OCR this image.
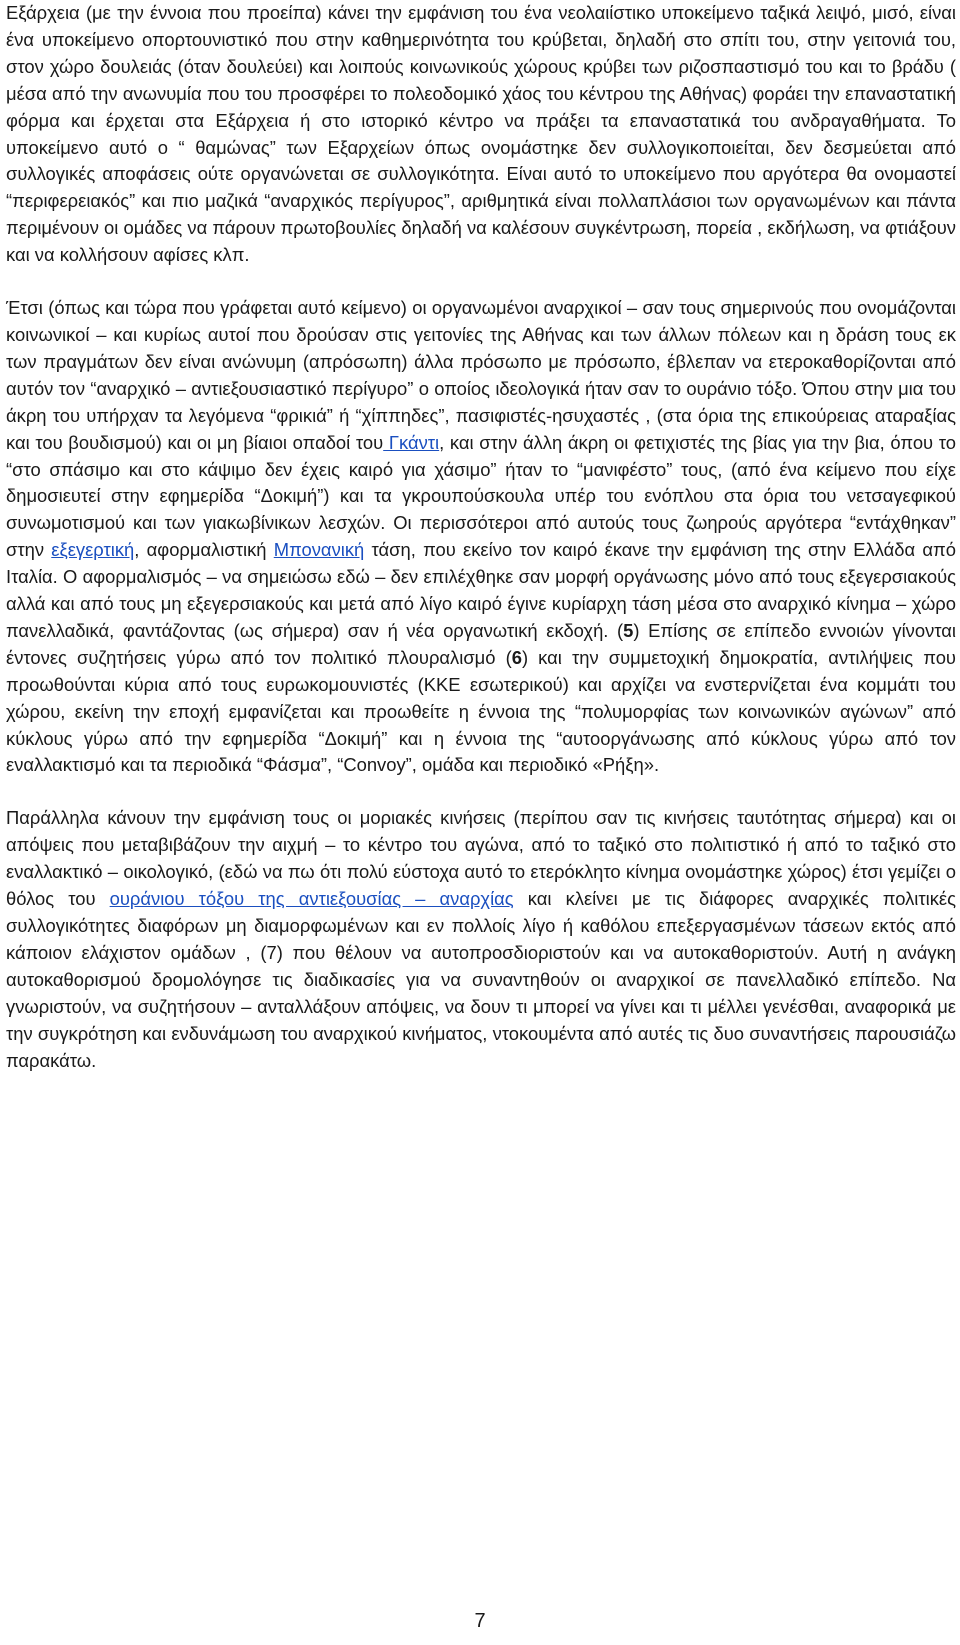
Εξάρχεια (με την έννοια που προείπα) κάνει την εμφάνιση του ένα νεολαιίστικο υποκείμενο ταξικά λειψό, μισό, είναι ένα υποκείμενο οπορτουνιστικό που στην καθημερινότητα του κρύβεται, δηλαδή στο σπίτι του, στην γειτονιά του, στον χώρο δουλειάς (όταν δουλεύει) και λοιπούς κοινωνικούς χώρους κρύβει των ριζοσπαστισμό του και το βράδυ ( μέσα από την ανωνυμία που του προσφέρει το πολεοδομικό χάος του κέντρου της Αθήνας) φοράει την επαναστατική φόρμα και έρχεται στα Εξάρχεια ή στο ιστορικό κέντρο να πράξει τα επαναστατικά του ανδραγαθήματα. Το υποκείμενο αυτό ο “ θαμώνας” των Εξαρχείων όπως ονομάστηκε δεν συλλογικοποιείται, δεν δεσμεύεται από συλλογικές αποφάσεις ούτε οργανώνεται σε συλλογικότητα. Είναι αυτό το υποκείμενο που αργότερα θα ονομαστεί “περιφερειακός” και πιο μαζικά “αναρχικός περίγυρος”, αριθμητικά είναι πολλαπλάσιοι των οργανωμένων και πάντα περιμένουν οι ομάδες να πάρουν πρωτοβουλίες δηλαδή να καλέσουν συγκέντρωση, πορεία , εκδήλωση, να φτιάξουν και να κολλήσουν αφίσες κλπ.

Έτσι (όπως και τώρα που γράφεται αυτό κείμενο) οι οργανωμένοι αναρχικοί – σαν τους σημερινούς που ονομάζονται κοινωνικοί – και κυρίως αυτοί που δρούσαν στις γειτονίες της Αθήνας και των άλλων πόλεων και η δράση τους εκ των πραγμάτων δεν είναι ανώνυμη (απρόσωπη) άλλα πρόσωπο με πρόσωπο, έβλεπαν να ετεροκαθορίζονται από αυτόν τον “αναρχικό – αντιεξουσιαστικό περίγυρο” ο οποίος ιδεολογικά ήταν σαν το ουράνιο τόξο. Όπου στην μια του άκρη του υπήρχαν τα λεγόμενα “φρικιά” ή “χίππηδες”, πασιφιστές-ησυχαστές , (στα όρια της επικούρειας αταραξίας και του βουδισμού) και οι μη βίαιοι οπαδοί του Γκάντι, και στην άλλη άκρη οι φετιχιστές της βίας για την βια, όπου το “στο σπάσιμο και στο κάψιμο δεν έχεις καιρό για χάσιμο” ήταν το “μανιφέστο” τους, (από ένα κείμενο που είχε δημοσιευτεί στην εφημερίδα “Δοκιμή”) και τα γκρουπούσκουλα υπέρ του ενόπλου στα όρια του νετσαγεφικού συνωμοτισμού και των γιακωβίνικων λεσχών. Οι περισσότεροι από αυτούς τους ζωηρούς αργότερα “εντάχθηκαν” στην εξεγερτική, αφορμαλιστική Μπονανική τάση, που εκείνο τον καιρό έκανε την εμφάνιση της στην Ελλάδα από Ιταλία. Ο αφορμαλισμός – να σημειώσω εδώ – δεν επιλέχθηκε σαν μορφή οργάνωσης μόνο από τους εξεγερσιακούς αλλά και από τους μη εξεγερσιακούς και μετά από λίγο καιρό έγινε κυρίαρχη τάση μέσα στο αναρχικό κίνημα – χώρο πανελλαδικά, φαντάζοντας (ως σήμερα) σαν ή νέα οργανωτική εκδοχή. (5) Επίσης σε επίπεδο εννοιών γίνονται έντονες συζητήσεις γύρω από τον πολιτικό πλουραλισμό (6) και την συμμετοχική δημοκρατία, αντιλήψεις που προωθούνται κύρια από τους ευρωκομουνιστές (ΚΚΕ εσωτερικού) και αρχίζει να ενστερνίζεται ένα κομμάτι του χώρου, εκείνη την εποχή εμφανίζεται και προωθείτε η έννοια της “πολυμορφίας των κοινωνικών αγώνων” από κύκλους γύρω από την εφημερίδα “Δοκιμή” και η έννοια της “αυτοοργάνωσης από κύκλους γύρω από τον εναλλακτισμό και τα περιοδικά “Φάσμα”, “Convoy”, ομάδα και περιοδικό «Ρήξη».

Παράλληλα κάνουν την εμφάνιση τους οι μοριακές κινήσεις (περίπου σαν τις κινήσεις ταυτότητας σήμερα) και οι απόψεις που μεταβιβάζουν την αιχμή – το κέντρο του αγώνα, από το ταξικό στο πολιτιστικό ή από το ταξικό στο εναλλακτικό – οικολογικό, (εδώ να πω ότι πολύ εύστοχα αυτό το ετερόκλητο κίνημα ονομάστηκε χώρος) έτσι γεμίζει ο θόλος του ουράνιου τόξου της αντιεξουσίας – αναρχίας και κλείνει με τις διάφορες αναρχικές πολιτικές συλλογικότητες διαφόρων μη διαμορφωμένων και εν πολλοίς λίγο ή καθόλου επεξεργασμένων τάσεων εκτός από κάποιον ελάχιστον ομάδων , (7) που θέλουν να αυτοπροσδιοριστούν και να αυτοκαθοριστούν. Αυτή η ανάγκη αυτοκαθορισμού δρομολόγησε τις διαδικασίες για να συναντηθούν οι αναρχικοί σε πανελλαδικό επίπεδο. Να γνωριστούν, να συζητήσουν – ανταλλάξουν απόψεις, να δουν τι μπορεί να γίνει και τι μέλλει γενέσθαι, αναφορικά με την συγκρότηση και ενδυνάμωση του αναρχικού κινήματος, ντοκουμέντα από αυτές τις δυο συναντήσεις παρουσιάζω παρακάτω.

7
